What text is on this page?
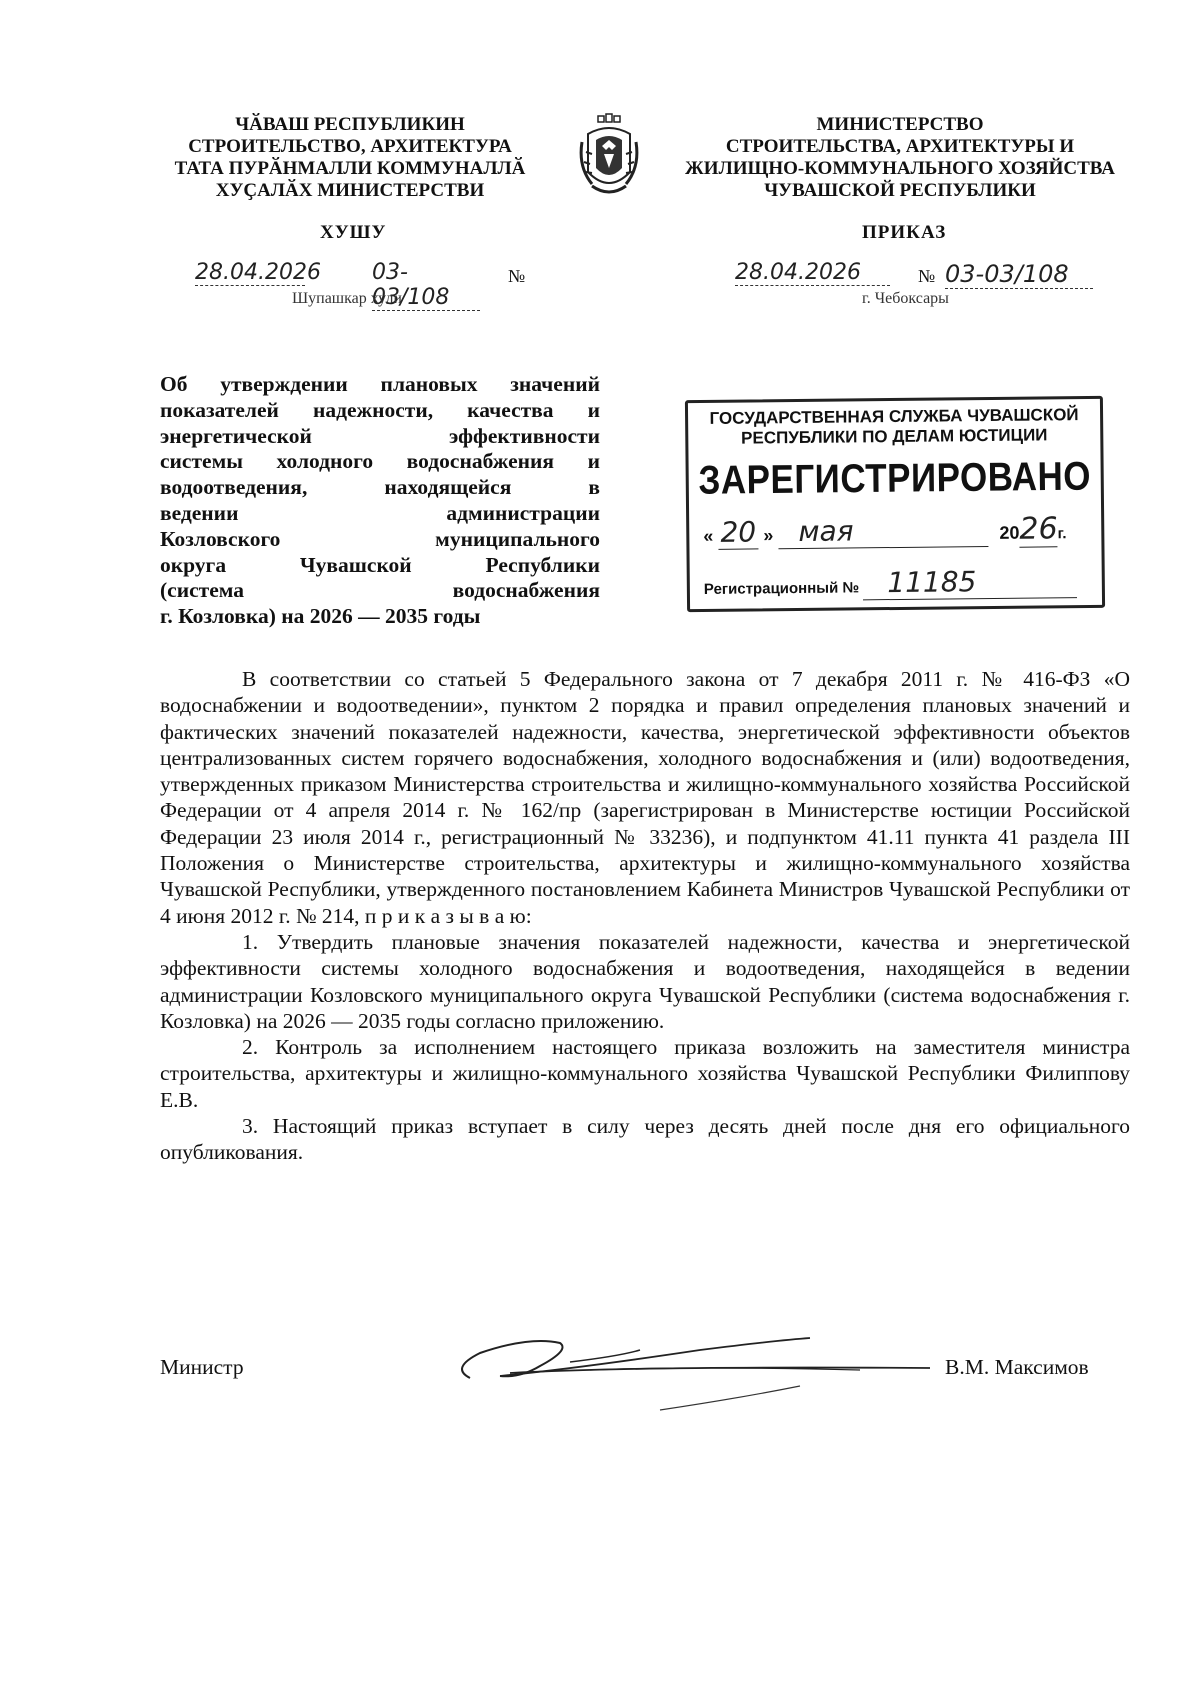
ЧӐВАШ РЕСПУБЛИКИН
СТРОИТЕЛЬСТВО, АРХИТЕКТУРА
ТАТА ПУРӐНМАЛЛИ КОММУНАЛЛӐ
ХУҪАЛӐХ МИНИСТЕРСТВИ
МИНИСТЕРСТВО
СТРОИТЕЛЬСТВА, АРХИТЕКТУРЫ И
ЖИЛИЩНО-КОММУНАЛЬНОГО ХОЗЯЙСТВА
ЧУВАШСКОЙ РЕСПУБЛИКИ
ХУШУ	ПРИКАЗ
28.04.2026 03-03/108
№
Шупашкар хули
28.04.2026	№ 03-03/108
г. Чебоксары
Об утверждении плановых значений
показателей надежности, качества и
энергетической эффективности
системы холодного водоснабжения и
водоотведения, находящейся в
ведении администрации
Козловского муниципального
округа Чувашской Республики
(система водоснабжения
г. Козловка) на 2026 — 2035 годы
ГОСУДАРСТВЕННАЯ СЛУЖБА ЧУВАШСКОЙ
РЕСПУБЛИКИ ПО ДЕЛАМ ЮСТИЦИИ
ЗАРЕГИСТРИРОВАНО
« 20 » мая	2026г.
Регистрационный № 11185

В соответствии со статьей 5 Федерального закона от 7 декабря 2011 г. № 416-ФЗ «О водоснабжении и водоотведении», пунктом 2 порядка и правил определения плановых значений и фактических значений показателей надежности, качества, энергетической эффективности объектов централизованных систем горячего водоснабжения, холодного водоснабжения и (или) водоотведения, утвержденных приказом Министерства строительства и жилищно-коммунального хозяйства Российской Федерации от 4 апреля 2014 г. № 162/пр (зарегистрирован в Министерстве юстиции Российской Федерации 23 июля 2014 г., регистрационный № 33236), и подпунктом 41.11 пункта 41 раздела III Положения о Министерстве строительства, архитектуры и жилищно-коммунального хозяйства Чувашской Республики, утвержденного постановлением Кабинета Министров Чувашской Республики от 4 июня 2012 г. № 214, п р и к а з ы в а ю:

1. Утвердить плановые значения показателей надежности, качества и энергетической эффективности системы холодного водоснабжения и водоотведения, находящейся в ведении администрации Козловского муниципального округа Чувашской Республики (система водоснабжения г. Козловка) на 2026 — 2035 годы согласно приложению.

2. Контроль за исполнением настоящего приказа возложить на заместителя министра строительства, архитектуры и жилищно-коммунального хозяйства Чувашской Республики Филиппову Е.В.

3. Настоящий приказ вступает в силу через десять дней после дня его официального опубликования.

Министр	В.М. Максимов
